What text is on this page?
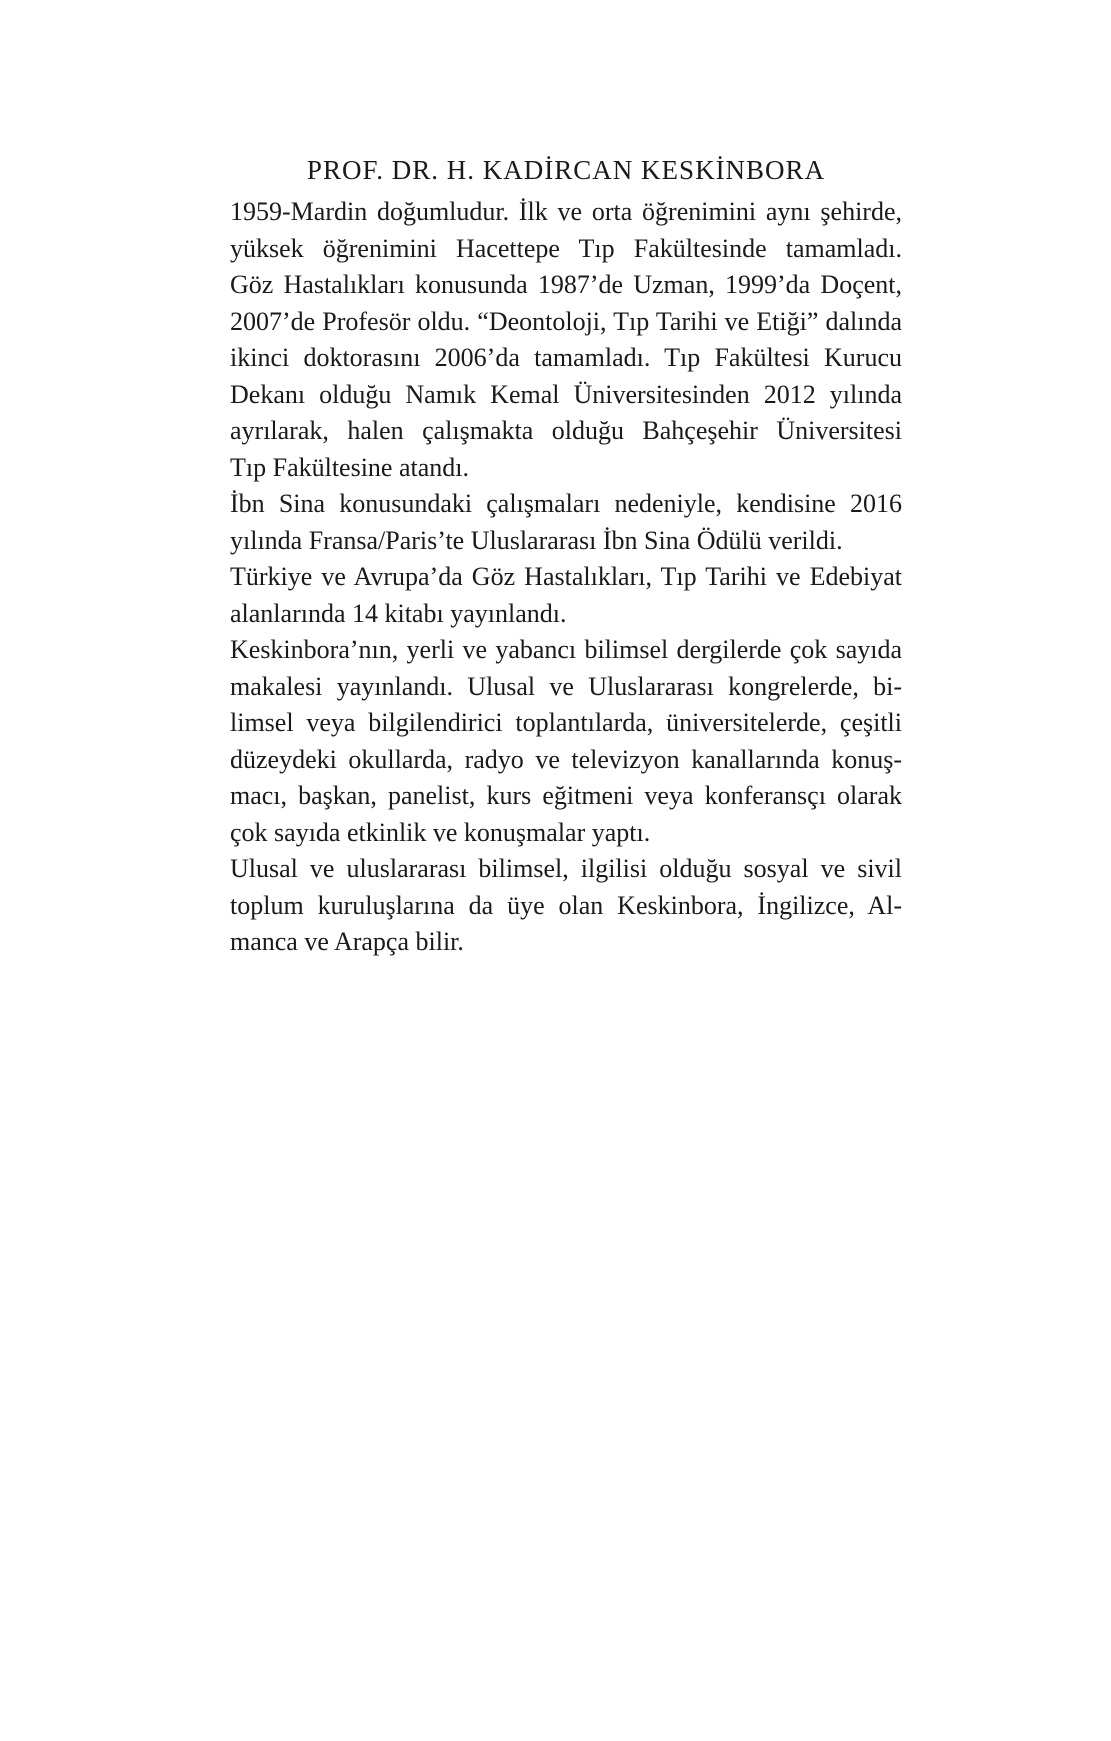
PROF. DR. H. KADİRCAN KESKİNBORA
1959-Mardin doğumludur. İlk ve orta öğrenimini aynı şehirde,
yüksek öğrenimini Hacettepe Tıp Fakültesinde tamamladı.
Göz Hastalıkları konusunda 1987’de Uzman, 1999’da Doçent,
2007’de Profesör oldu. “Deontoloji, Tıp Tarihi ve Etiği” dalında
ikinci doktorasını 2006’da tamamladı. Tıp Fakültesi Kurucu
Dekanı olduğu Namık Kemal Üniversitesinden 2012 yılında
ayrılarak, halen çalışmakta olduğu Bahçeşehir Üniversitesi
Tıp Fakültesine atandı.
İbn Sina konusundaki çalışmaları nedeniyle, kendisine 2016
yılında Fransa/Paris’te Uluslararası İbn Sina Ödülü verildi.
Türkiye ve Avrupa’da Göz Hastalıkları, Tıp Tarihi ve Edebiyat
alanlarında 14 kitabı yayınlandı.
Keskinbora’nın, yerli ve yabancı bilimsel dergilerde çok sayıda
makalesi yayınlandı. Ulusal ve Uluslararası kongrelerde, bi-
limsel veya bilgilendirici toplantılarda, üniversitelerde, çeşitli
düzeydeki okullarda, radyo ve televizyon kanallarında konuş-
macı, başkan, panelist, kurs eğitmeni veya konferansçı olarak
çok sayıda etkinlik ve konuşmalar yaptı.
Ulusal ve uluslararası bilimsel, ilgilisi olduğu sosyal ve sivil
toplum kuruluşlarına da üye olan Keskinbora, İngilizce, Al-
manca ve Arapça bilir.
